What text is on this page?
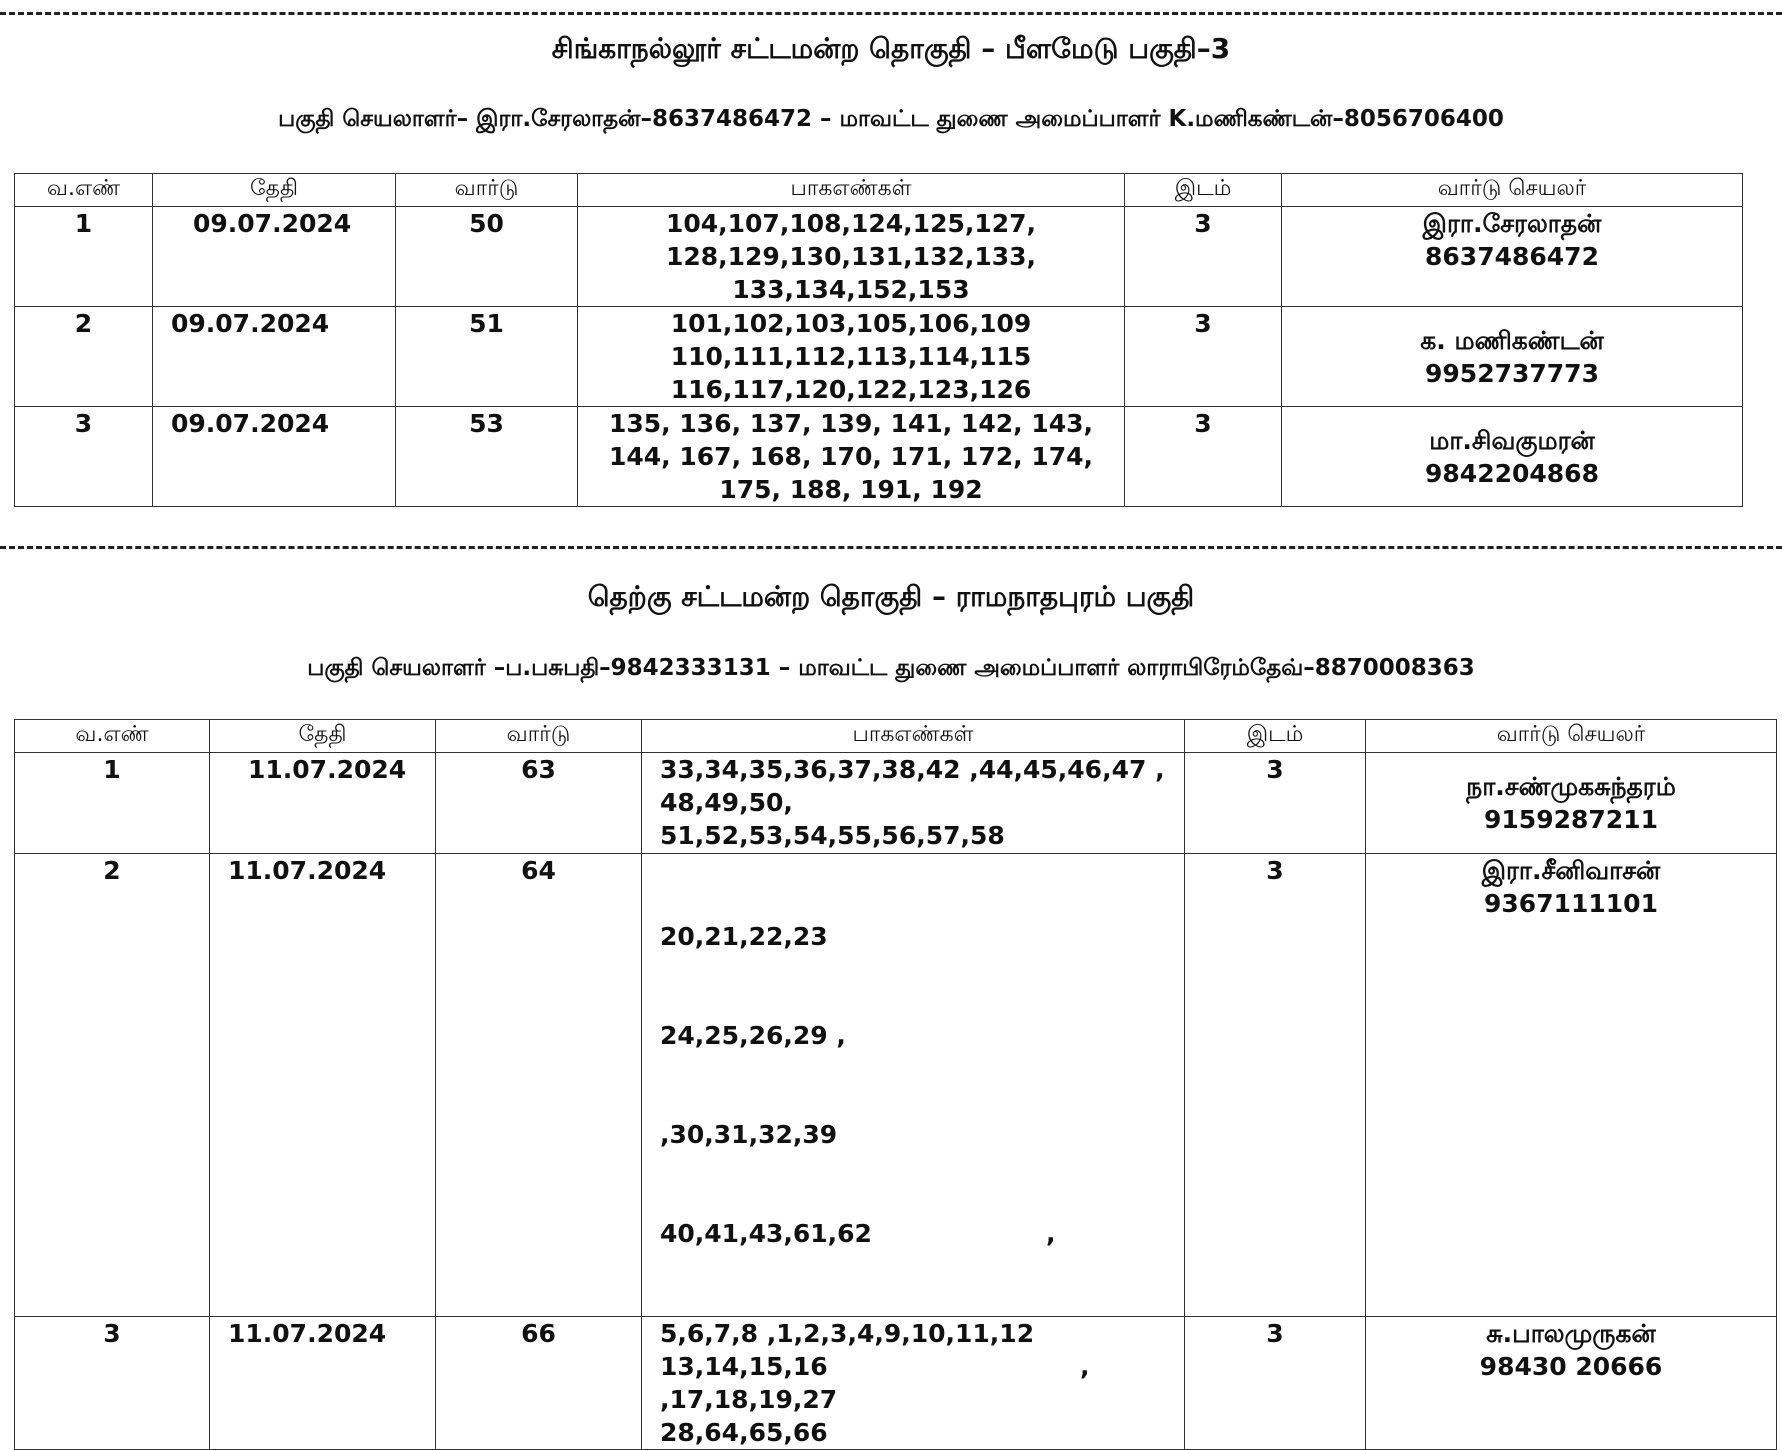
சிங்காநல்லூர் சட்டமன்ற தொகுதி – பீளமேடு பகுதி–3
பகுதி செயலாளர்– இரா.சேரலாதன்–8637486472 – மாவட்ட துணை அமைப்பாளர் K.மணிகண்டன்–8056706400
வ.எண்	தேதி	வார்டு	பாகஎண்கள்	இடம்	வார்டு செயலர்
1	09.07.2024	50	104,107,108,124,125,127,
128,129,130,131,132,133,
133,134,152,153	3	இரா.சேரலாதன்
8637486472

2	09.07.2024	51	101,102,103,105,106,109
110,111,112,113,114,115
116,117,120,122,123,126	3	க. மணிகண்டன்
9952737773

3	09.07.2024	53	135, 136, 137, 139, 141, 142, 143,
144, 167, 168, 170, 171, 172, 174,
175, 188, 191, 192	3	மா.சிவகுமரன்
9842204868
தெற்கு சட்டமன்ற தொகுதி – ராமநாதபுரம் பகுதி
பகுதி செயலாளர் –ப.பசுபதி–9842333131 – மாவட்ட துணை அமைப்பாளர் லாராபிரேம்தேவ்–8870008363
வ.எண்	தேதி	வார்டு	பாகஎண்கள்	இடம்	வார்டு செயலர்
1	11.07.2024	63	33,34,35,36,37,38,42 ,44,45,46,47 ,
48,49,50,
51,52,53,54,55,56,57,58	3	நா.சண்முகசுந்தரம்
9159287211

2	11.07.2024	64	20,21,22,23

24,25,26,29 ,

,30,31,32,39

40,41,43,61,62                    ,	3	இரா.சீனிவாசன்
9367111101

3	11.07.2024	66	5,6,7,8 ,1,2,3,4,9,10,11,12
13,14,15,16                             ,
,17,18,19,27
28,64,65,66	3	சு.பாலமுருகன்
98430 20666
